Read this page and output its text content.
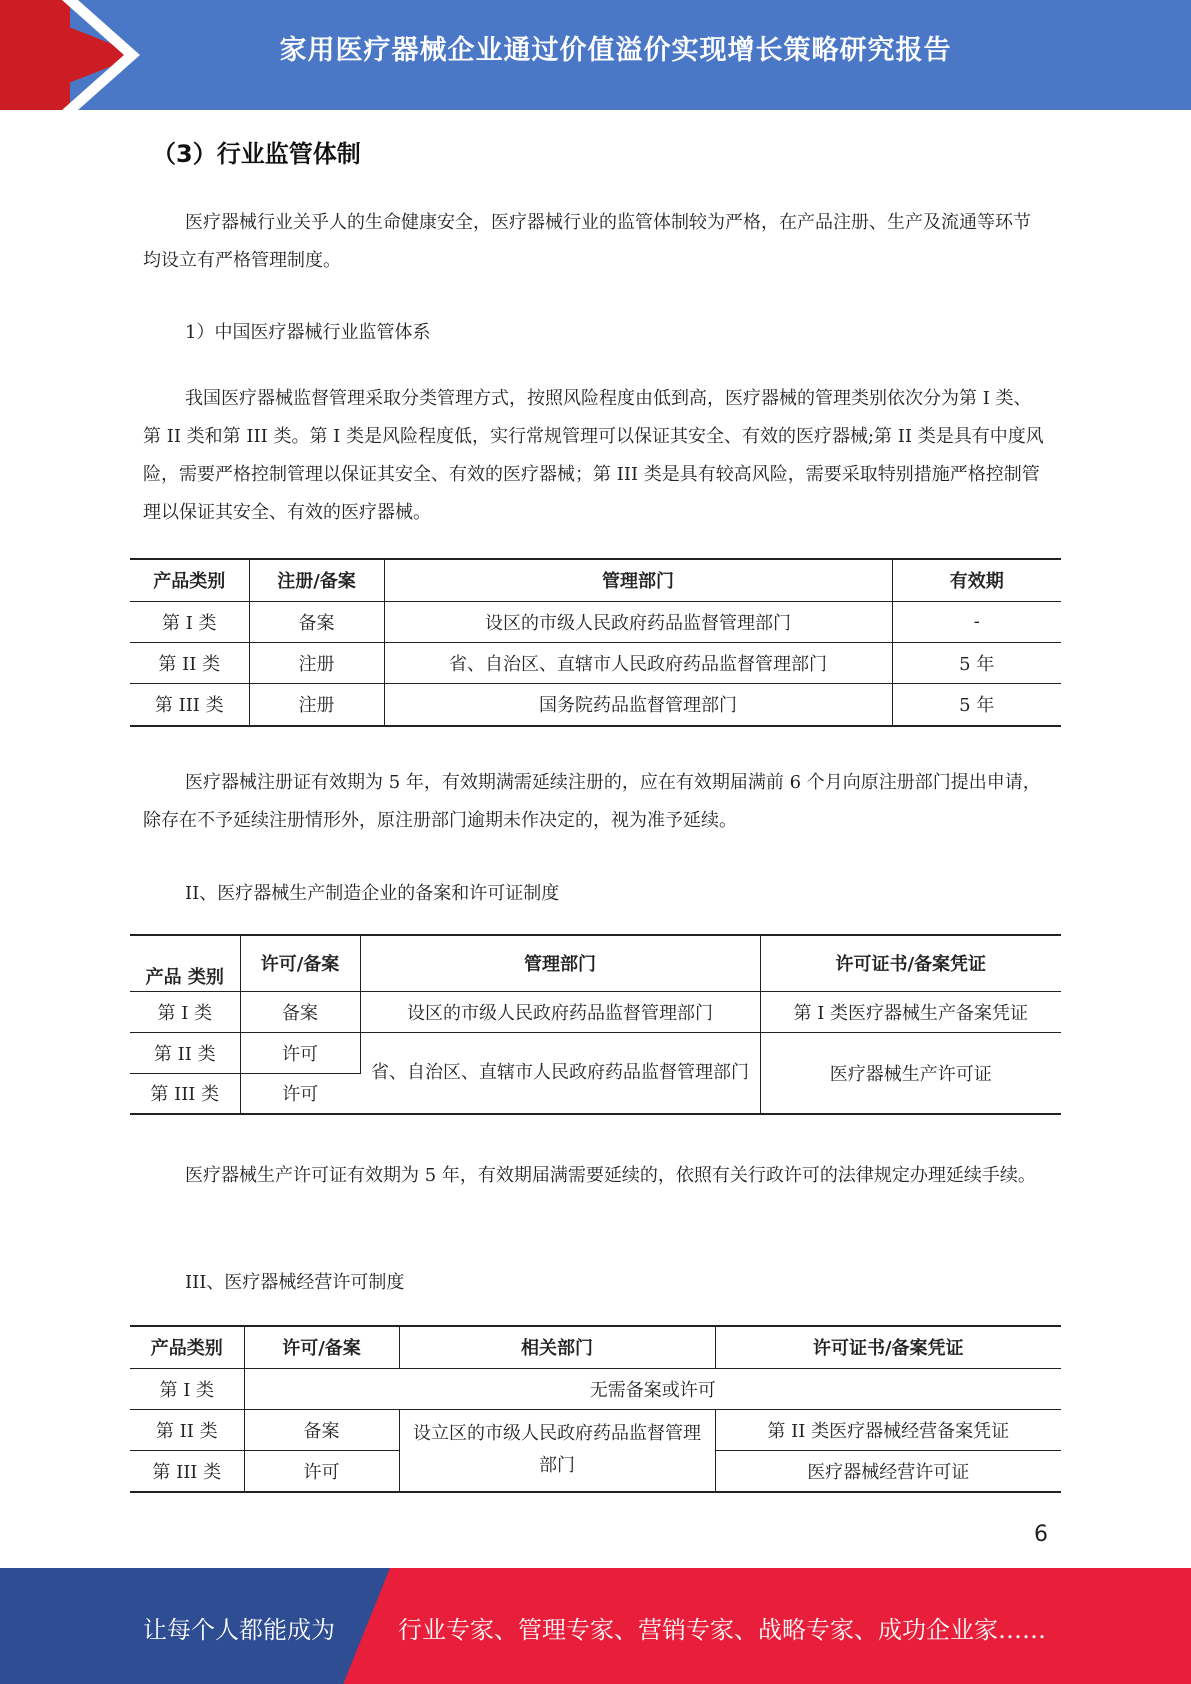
家用医疗器械企业通过价值溢价实现增长策略研究报告
（3）行业监管体制
医疗器械行业关乎人的生命健康安全，医疗器械行业的监管体制较为严格，在产品注册、生产及流通等环节均设立有严格管理制度。
1）中国医疗器械行业监管体系
我国医疗器械监督管理采取分类管理方式，按照风险程度由低到高，医疗器械的管理类别依次分为第 I 类、第 II 类和第 III 类。第 I 类是风险程度低，实行常规管理可以保证其安全、有效的医疗器械;第 II 类是具有中度风险，需要严格控制管理以保证其安全、有效的医疗器械；第 III 类是具有较高风险，需要采取特别措施严格控制管理以保证其安全、有效的医疗器械。
产品类别	注册/备案	管理部门	有效期
第 I 类	备案	设区的市级人民政府药品监督管理部门	-
第 II 类	注册	省、自治区、直辖市人民政府药品监督管理部门	5 年
第 III 类	注册	国务院药品监督管理部门	5 年
医疗器械注册证有效期为 5 年，有效期满需延续注册的，应在有效期届满前 6 个月向原注册部门提出申请，除存在不予延续注册情形外，原注册部门逾期未作决定的，视为准予延续。
II、医疗器械生产制造企业的备案和许可证制度
产品 类别	许可/备案	管理部门	许可证书/备案凭证
第 I 类	备案	设区的市级人民政府药品监督管理部门	第 I 类医疗器械生产备案凭证
第 II 类	许可	省、自治区、直辖市人民政府药品监督管理部门	医疗器械生产许可证
第 III 类	许可		
医疗器械生产许可证有效期为 5 年，有效期届满需要延续的，依照有关行政许可的法律规定办理延续手续。
III、医疗器械经营许可制度
产品类别	许可/备案	相关部门	许可证书/备案凭证
第 I 类	无需备案或许可		
第 II 类	备案	设立区的市级人民政府药品监督管理部门	第 II 类医疗器械经营备案凭证
第 III 类	许可		医疗器械经营许可证
6
让每个人都能成为	行业专家、管理专家、营销专家、战略专家、成功企业家……
